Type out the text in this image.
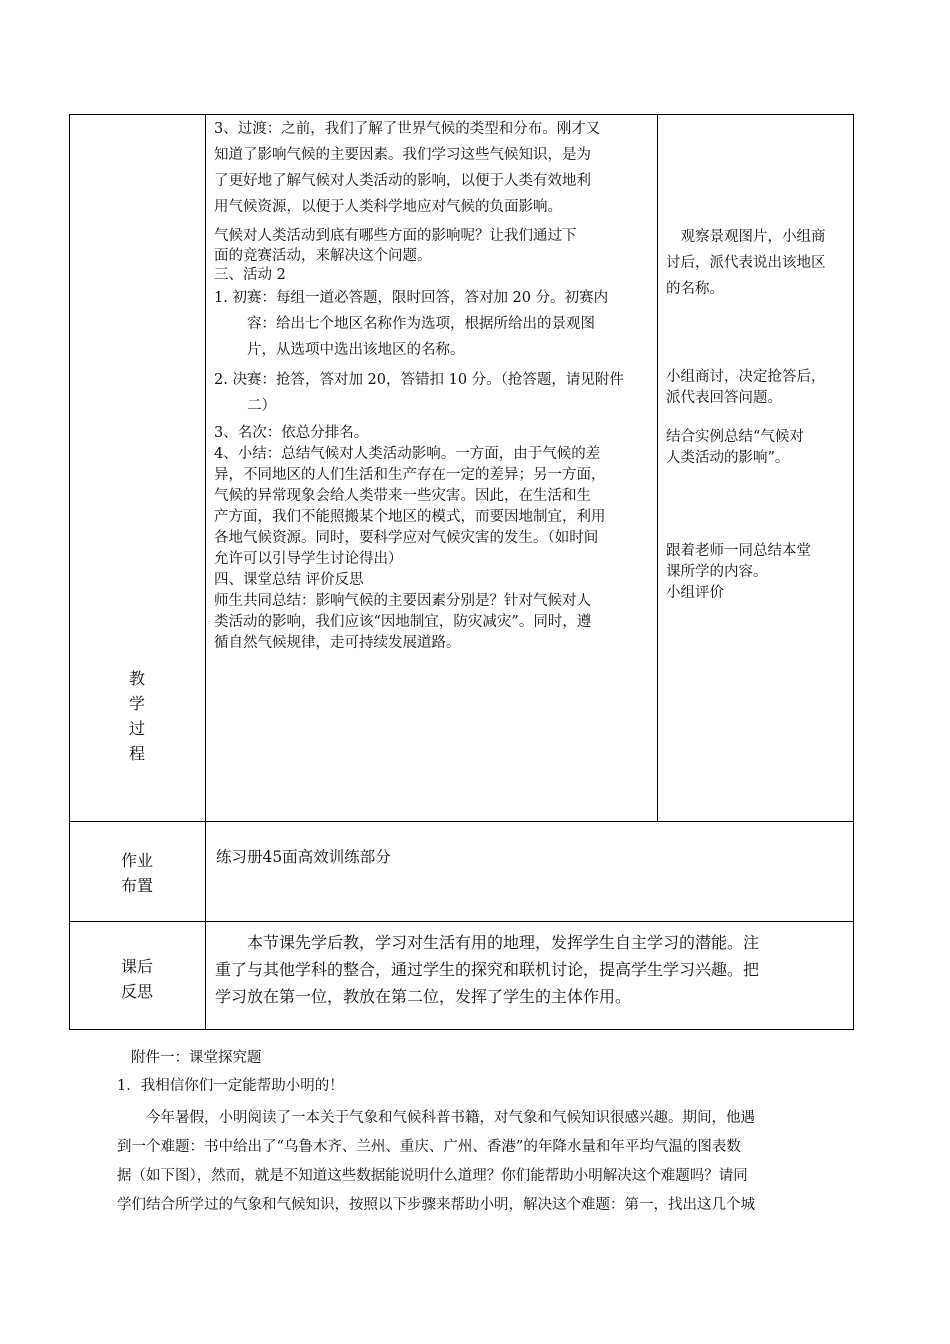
教
学
过
程

3、过渡：之前，我们了解了世界气候的类型和分布。刚才又

知道了影响气候的主要因素。我们学习这些气候知识，是为

了更好地了解气候对人类活动的影响，以便于人类有效地利

用气候资源，以便于人类科学地应对气候的负面影响。

气候对人类活动到底有哪些方面的影响呢？让我们通过下

面的竞赛活动，来解决这个问题。

三、活动 2

1. 初赛：每组一道必答题，限时回答，答对加 20 分。初赛内

容：给出七个地区名称作为选项，根据所给出的景观图

片，从选项中选出该地区的名称。

2. 决赛：抢答，答对加 20，答错扣 10 分。（抢答题，请见附件

二）

3、名次：依总分排名。

4、小结：总结气候对人类活动影响。一方面，由于气候的差

异，不同地区的人们生活和生产存在一定的差异；另一方面，

气候的异常现象会给人类带来一些灾害。因此，在生活和生

产方面，我们不能照搬某个地区的模式，而要因地制宜，利用

各地气候资源。同时，要科学应对气候灾害的发生。（如时间

允许可以引导学生讨论得出）

四、课堂总结 评价反思

师生共同总结：影响气候的主要因素分别是？针对气候对人

类活动的影响，我们应该“因地制宜，防灾减灾”。同时，遵

循自然气候规律，走可持续发展道路。

观察景观图片，小组商

讨后，派代表说出该地区

的名称。

小组商讨，决定抢答后，

派代表回答问题。

结合实例总结“气候对

人类活动的影响”。

跟着老师一同总结本堂

课所学的内容。

小组评价

作业
布置
练习册45面高效训练部分
课后
反思

本节课先学后教，学习对生活有用的地理，发挥学生自主学习的潜能。注

重了与其他学科的整合，通过学生的探究和联机讨论，提高学生学习兴趣。把

学习放在第一位，教放在第二位，发挥了学生的主体作用。

附件一：课堂探究题
1．我相信你们一定能帮助小明的！

今年暑假，小明阅读了一本关于气象和气候科普书籍，对气象和气候知识很感兴趣。期间，他遇

到一个难题：书中给出了“乌鲁木齐、兰州、重庆、广州、香港”的年降水量和年平均气温的图表数

据（如下图），然而，就是不知道这些数据能说明什么道理？你们能帮助小明解决这个难题吗？请同

学们结合所学过的气象和气候知识，按照以下步骤来帮助小明，解决这个难题：第一，找出这几个城
